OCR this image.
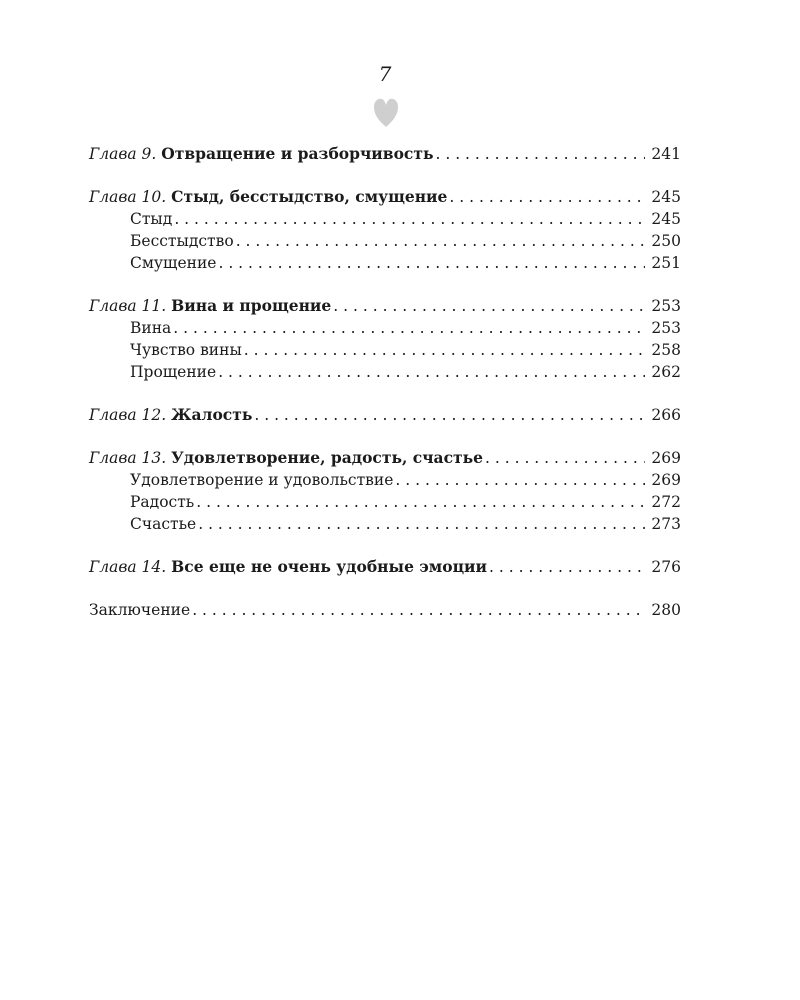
7
Глава 9. Отвращение и разборчивость . . .	241
Глава 10. Стыд, бесстыдство, смущение . . .	245
Стыд . . .	245
Бесстыдство . . .	250
Смущение . . .	251
Глава 11. Вина и прощение . . .	253
Вина . . .	253
Чувство вины . . .	258
Прощение . . .	262
Глава 12. Жалость . . .	266
Глава 13. Удовлетворение, радость, счастье . . .	269
Удовлетворение и удовольствие . . .	269
Радость . . .	272
Счастье . . .	273
Глава 14. Все еще не очень удобные эмоции . . .	276
Заключение . . .	280
